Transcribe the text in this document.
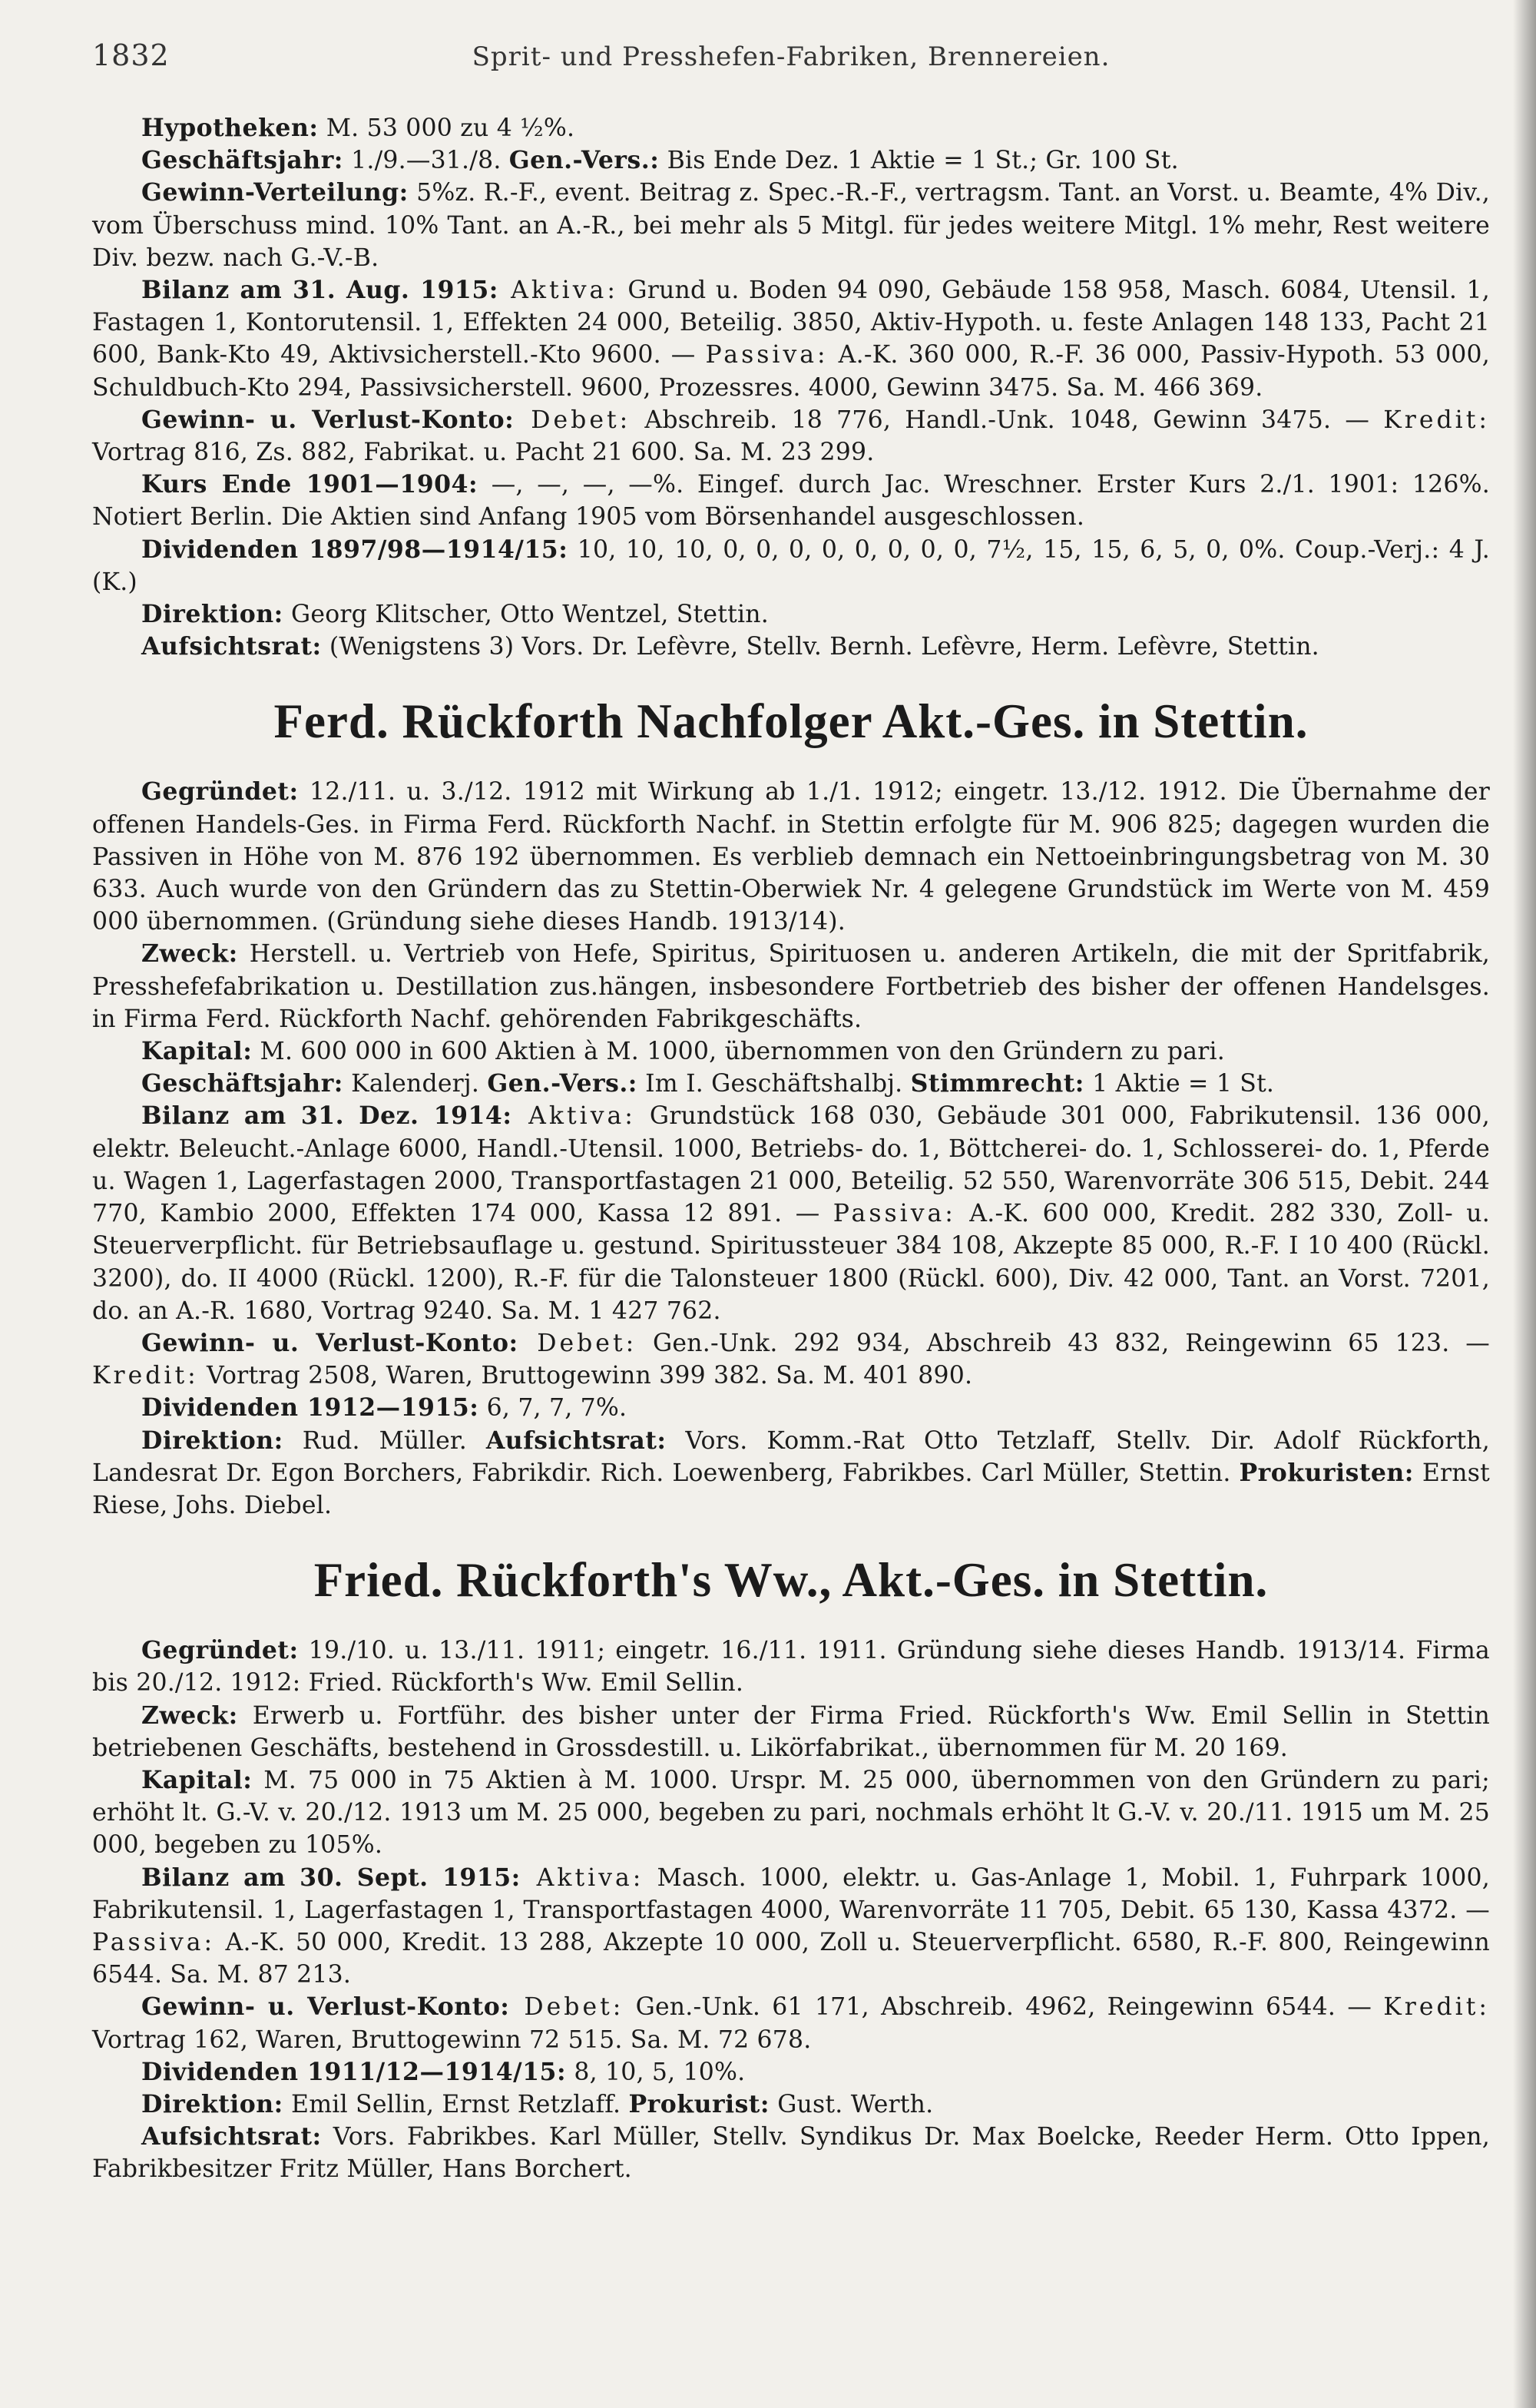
1832	Sprit- und Presshefen-Fabriken, Brennereien.

Hypotheken: M. 53 000 zu 4 ½%.

Geschäftsjahr: 1./9.—31./8. Gen.-Vers.: Bis Ende Dez. 1 Aktie = 1 St.; Gr. 100 St.

Gewinn-Verteilung: 5%z. R.-F., event. Beitrag z. Spec.-R.-F., vertragsm. Tant. an Vorst. u. Beamte, 4% Div., vom Überschuss mind. 10% Tant. an A.-R., bei mehr als 5 Mitgl. für jedes weitere Mitgl. 1% mehr, Rest weitere Div. bezw. nach G.-V.-B.

Bilanz am 31. Aug. 1915: Aktiva: Grund u. Boden 94 090, Gebäude 158 958, Masch. 6084, Utensil. 1, Fastagen 1, Kontorutensil. 1, Effekten 24 000, Beteilig. 3850, Aktiv-Hypoth. u. feste Anlagen 148 133, Pacht 21 600, Bank-Kto 49, Aktivsicherstell.-Kto 9600. — Passiva: A.-K. 360 000, R.-F. 36 000, Passiv-Hypoth. 53 000, Schuldbuch-Kto 294, Passivsicherstell. 9600, Prozessres. 4000, Gewinn 3475. Sa. M. 466 369.

Gewinn- u. Verlust-Konto: Debet: Abschreib. 18 776, Handl.-Unk. 1048, Gewinn 3475. — Kredit: Vortrag 816, Zs. 882, Fabrikat. u. Pacht 21 600. Sa. M. 23 299.

Kurs Ende 1901—1904: —, —, —, —%. Eingef. durch Jac. Wreschner. Erster Kurs 2./1. 1901: 126%. Notiert Berlin. Die Aktien sind Anfang 1905 vom Börsenhandel ausgeschlossen.

Dividenden 1897/98—1914/15: 10, 10, 10, 0, 0, 0, 0, 0, 0, 0, 0, 7½, 15, 15, 6, 5, 0, 0%. Coup.-Verj.: 4 J. (K.)

Direktion: Georg Klitscher, Otto Wentzel, Stettin.

Aufsichtsrat: (Wenigstens 3) Vors. Dr. Lefèvre, Stellv. Bernh. Lefèvre, Herm. Lefèvre, Stettin.

Ferd. Rückforth Nachfolger Akt.-Ges. in Stettin.

Gegründet: 12./11. u. 3./12. 1912 mit Wirkung ab 1./1. 1912; eingetr. 13./12. 1912. Die Übernahme der offenen Handels-Ges. in Firma Ferd. Rückforth Nachf. in Stettin erfolgte für M. 906 825; dagegen wurden die Passiven in Höhe von M. 876 192 übernommen. Es verblieb demnach ein Nettoeinbringungsbetrag von M. 30 633. Auch wurde von den Gründern das zu Stettin-Oberwiek Nr. 4 gelegene Grundstück im Werte von M. 459 000 übernommen. (Gründung siehe dieses Handb. 1913/14).

Zweck: Herstell. u. Vertrieb von Hefe, Spiritus, Spirituosen u. anderen Artikeln, die mit der Spritfabrik, Presshefefabrikation u. Destillation zus.hängen, insbesondere Fortbetrieb des bisher der offenen Handelsges. in Firma Ferd. Rückforth Nachf. gehörenden Fabrikgeschäfts.

Kapital: M. 600 000 in 600 Aktien à M. 1000, übernommen von den Gründern zu pari.

Geschäftsjahr: Kalenderj. Gen.-Vers.: Im I. Geschäftshalbj. Stimmrecht: 1 Aktie = 1 St.

Bilanz am 31. Dez. 1914: Aktiva: Grundstück 168 030, Gebäude 301 000, Fabrikutensil. 136 000, elektr. Beleucht.-Anlage 6000, Handl.-Utensil. 1000, Betriebs- do. 1, Böttcherei- do. 1, Schlosserei- do. 1, Pferde u. Wagen 1, Lagerfastagen 2000, Transportfastagen 21 000, Beteilig. 52 550, Warenvorräte 306 515, Debit. 244 770, Kambio 2000, Effekten 174 000, Kassa 12 891. — Passiva: A.-K. 600 000, Kredit. 282 330, Zoll- u. Steuerverpflicht. für Betriebsauflage u. gestund. Spiritussteuer 384 108, Akzepte 85 000, R.-F. I 10 400 (Rückl. 3200), do. II 4000 (Rückl. 1200), R.-F. für die Talonsteuer 1800 (Rückl. 600), Div. 42 000, Tant. an Vorst. 7201, do. an A.-R. 1680, Vortrag 9240. Sa. M. 1 427 762.

Gewinn- u. Verlust-Konto: Debet: Gen.-Unk. 292 934, Abschreib 43 832, Reingewinn 65 123. — Kredit: Vortrag 2508, Waren, Bruttogewinn 399 382. Sa. M. 401 890.

Dividenden 1912—1915: 6, 7, 7, 7%.

Direktion: Rud. Müller. Aufsichtsrat: Vors. Komm.-Rat Otto Tetzlaff, Stellv. Dir. Adolf Rückforth, Landesrat Dr. Egon Borchers, Fabrikdir. Rich. Loewenberg, Fabrikbes. Carl Müller, Stettin. Prokuristen: Ernst Riese, Johs. Diebel.

Fried. Rückforth's Ww., Akt.-Ges. in Stettin.

Gegründet: 19./10. u. 13./11. 1911; eingetr. 16./11. 1911. Gründung siehe dieses Handb. 1913/14. Firma bis 20./12. 1912: Fried. Rückforth's Ww. Emil Sellin.

Zweck: Erwerb u. Fortführ. des bisher unter der Firma Fried. Rückforth's Ww. Emil Sellin in Stettin betriebenen Geschäfts, bestehend in Grossdestill. u. Likörfabrikat., übernommen für M. 20 169.

Kapital: M. 75 000 in 75 Aktien à M. 1000. Urspr. M. 25 000, übernommen von den Gründern zu pari; erhöht lt. G.-V. v. 20./12. 1913 um M. 25 000, begeben zu pari, nochmals erhöht lt G.-V. v. 20./11. 1915 um M. 25 000, begeben zu 105%.

Bilanz am 30. Sept. 1915: Aktiva: Masch. 1000, elektr. u. Gas-Anlage 1, Mobil. 1, Fuhrpark 1000, Fabrikutensil. 1, Lagerfastagen 1, Transportfastagen 4000, Warenvorräte 11 705, Debit. 65 130, Kassa 4372. — Passiva: A.-K. 50 000, Kredit. 13 288, Akzepte 10 000, Zoll u. Steuerverpflicht. 6580, R.-F. 800, Reingewinn 6544. Sa. M. 87 213.

Gewinn- u. Verlust-Konto: Debet: Gen.-Unk. 61 171, Abschreib. 4962, Reingewinn 6544. — Kredit: Vortrag 162, Waren, Bruttogewinn 72 515. Sa. M. 72 678.

Dividenden 1911/12—1914/15: 8, 10, 5, 10%.

Direktion: Emil Sellin, Ernst Retzlaff. Prokurist: Gust. Werth.

Aufsichtsrat: Vors. Fabrikbes. Karl Müller, Stellv. Syndikus Dr. Max Boelcke, Reeder Herm. Otto Ippen, Fabrikbesitzer Fritz Müller, Hans Borchert.
